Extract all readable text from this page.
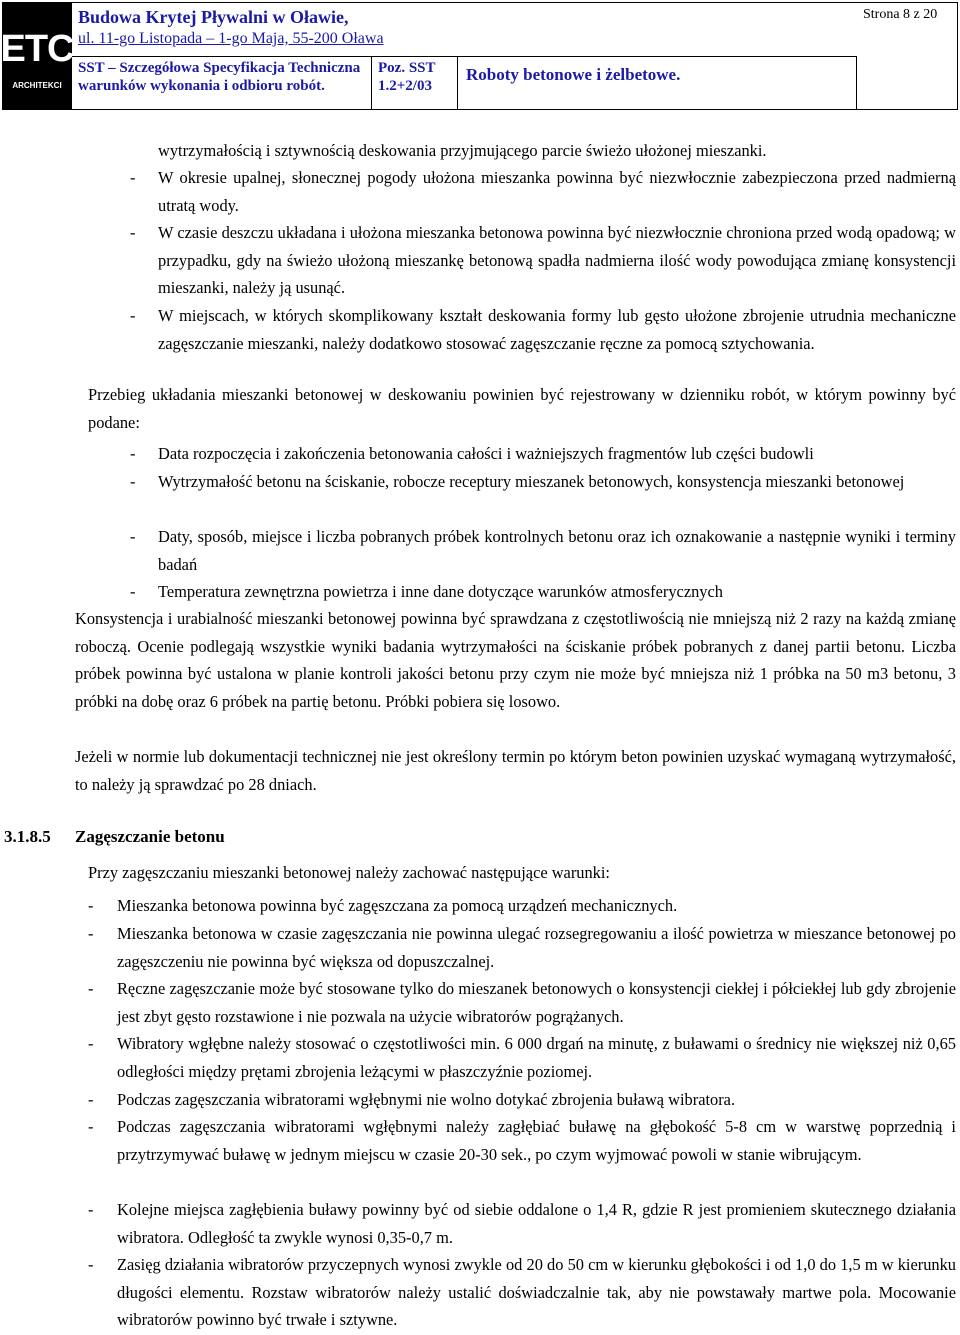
ETC
ARCHITEKCI
Budowa Krytej Pływalni w Oławie,
ul. 11-go Listopada – 1-go Maja, 55-200 Oława
SST – Szczegółowa Specyfikacja Techniczna warunków wykonania i odbioru robót.
Poz. SST 1.2+2/03
Roboty betonowe i żelbetowe.
Strona 8 z 20
wytrzymałością i sztywnością deskowania przyjmującego parcie świeżo ułożonej mieszanki.
- W okresie upalnej, słonecznej pogody ułożona mieszanka powinna być niezwłocznie zabezpieczona przed nadmierną utratą wody.
- W czasie deszczu układana i ułożona mieszanka betonowa powinna być niezwłocznie chroniona przed wodą opadową; w przypadku, gdy na świeżo ułożoną mieszankę betonową spadła nadmierna ilość wody powodująca zmianę konsystencji mieszanki, należy ją usunąć.
- W miejscach, w których skomplikowany kształt deskowania formy lub gęsto ułożone zbrojenie utrudnia mechaniczne zagęszczanie mieszanki, należy dodatkowo stosować zagęszczanie ręczne za pomocą sztychowania.
Przebieg układania mieszanki betonowej w deskowaniu powinien być rejestrowany w dzienniku robót, w którym powinny być podane:
- Data rozpoczęcia i zakończenia betonowania całości i ważniejszych fragmentów lub części budowli
- Wytrzymałość betonu na ściskanie, robocze receptury mieszanek betonowych, konsystencja mieszanki betonowej
- Daty, sposób, miejsce i liczba pobranych próbek kontrolnych betonu oraz ich oznakowanie a następnie wyniki i terminy badań
- Temperatura zewnętrzna powietrza i inne dane dotyczące warunków atmosferycznych
Konsystencja i urabialność mieszanki betonowej powinna być sprawdzana z częstotliwością nie mniejszą niż 2 razy na każdą zmianę roboczą. Ocenie podlegają wszystkie wyniki badania wytrzymałości na ściskanie próbek pobranych z danej partii betonu. Liczba próbek powinna być ustalona w planie kontroli jakości betonu przy czym nie może być mniejsza niż 1 próbka na 50 m3 betonu, 3 próbki na dobę oraz 6 próbek na partię betonu. Próbki pobiera się losowo.
Jeżeli w normie lub dokumentacji technicznej nie jest określony termin po którym beton powinien uzyskać wymaganą wytrzymałość, to należy ją sprawdzać po 28 dniach.
3.1.8.5 Zagęszczanie betonu
Przy zagęszczaniu mieszanki betonowej należy zachować następujące warunki:
- Mieszanka betonowa powinna być zagęszczana za pomocą urządzeń mechanicznych.
- Mieszanka betonowa w czasie zagęszczania nie powinna ulegać rozsegregowaniu a ilość powietrza w mieszance betonowej po zagęszczeniu nie powinna być większa od dopuszczalnej.
- Ręczne zagęszczanie może być stosowane tylko do mieszanek betonowych o konsystencji ciekłej i półciekłej lub gdy zbrojenie jest zbyt gęsto rozstawione i nie pozwala na użycie wibratorów pogrążanych.
- Wibratory wgłębne należy stosować o częstotliwości min. 6 000 drgań na minutę, z buławami o średnicy nie większej niż 0,65 odległości między prętami zbrojenia leżącymi w płaszczyźnie poziomej.
- Podczas zagęszczania wibratorami wgłębnymi nie wolno dotykać zbrojenia buławą wibratora.
- Podczas zagęszczania wibratorami wgłębnymi należy zagłębiać buławę na głębokość 5-8 cm w warstwę poprzednią i przytrzymywać buławę w jednym miejscu w czasie 20-30 sek., po czym wyjmować powoli w stanie wibrującym.
- Kolejne miejsca zagłębienia buławy powinny być od siebie oddalone o 1,4 R, gdzie R jest promieniem skutecznego działania wibratora. Odległość ta zwykle wynosi 0,35-0,7 m.
- Zasięg działania wibratorów przyczepnych wynosi zwykle od 20 do 50 cm w kierunku głębokości i od 1,0 do 1,5 m w kierunku długości elementu. Rozstaw wibratorów należy ustalić doświadczalnie tak, aby nie powstawały martwe pola. Mocowanie wibratorów powinno być trwałe i sztywne.
